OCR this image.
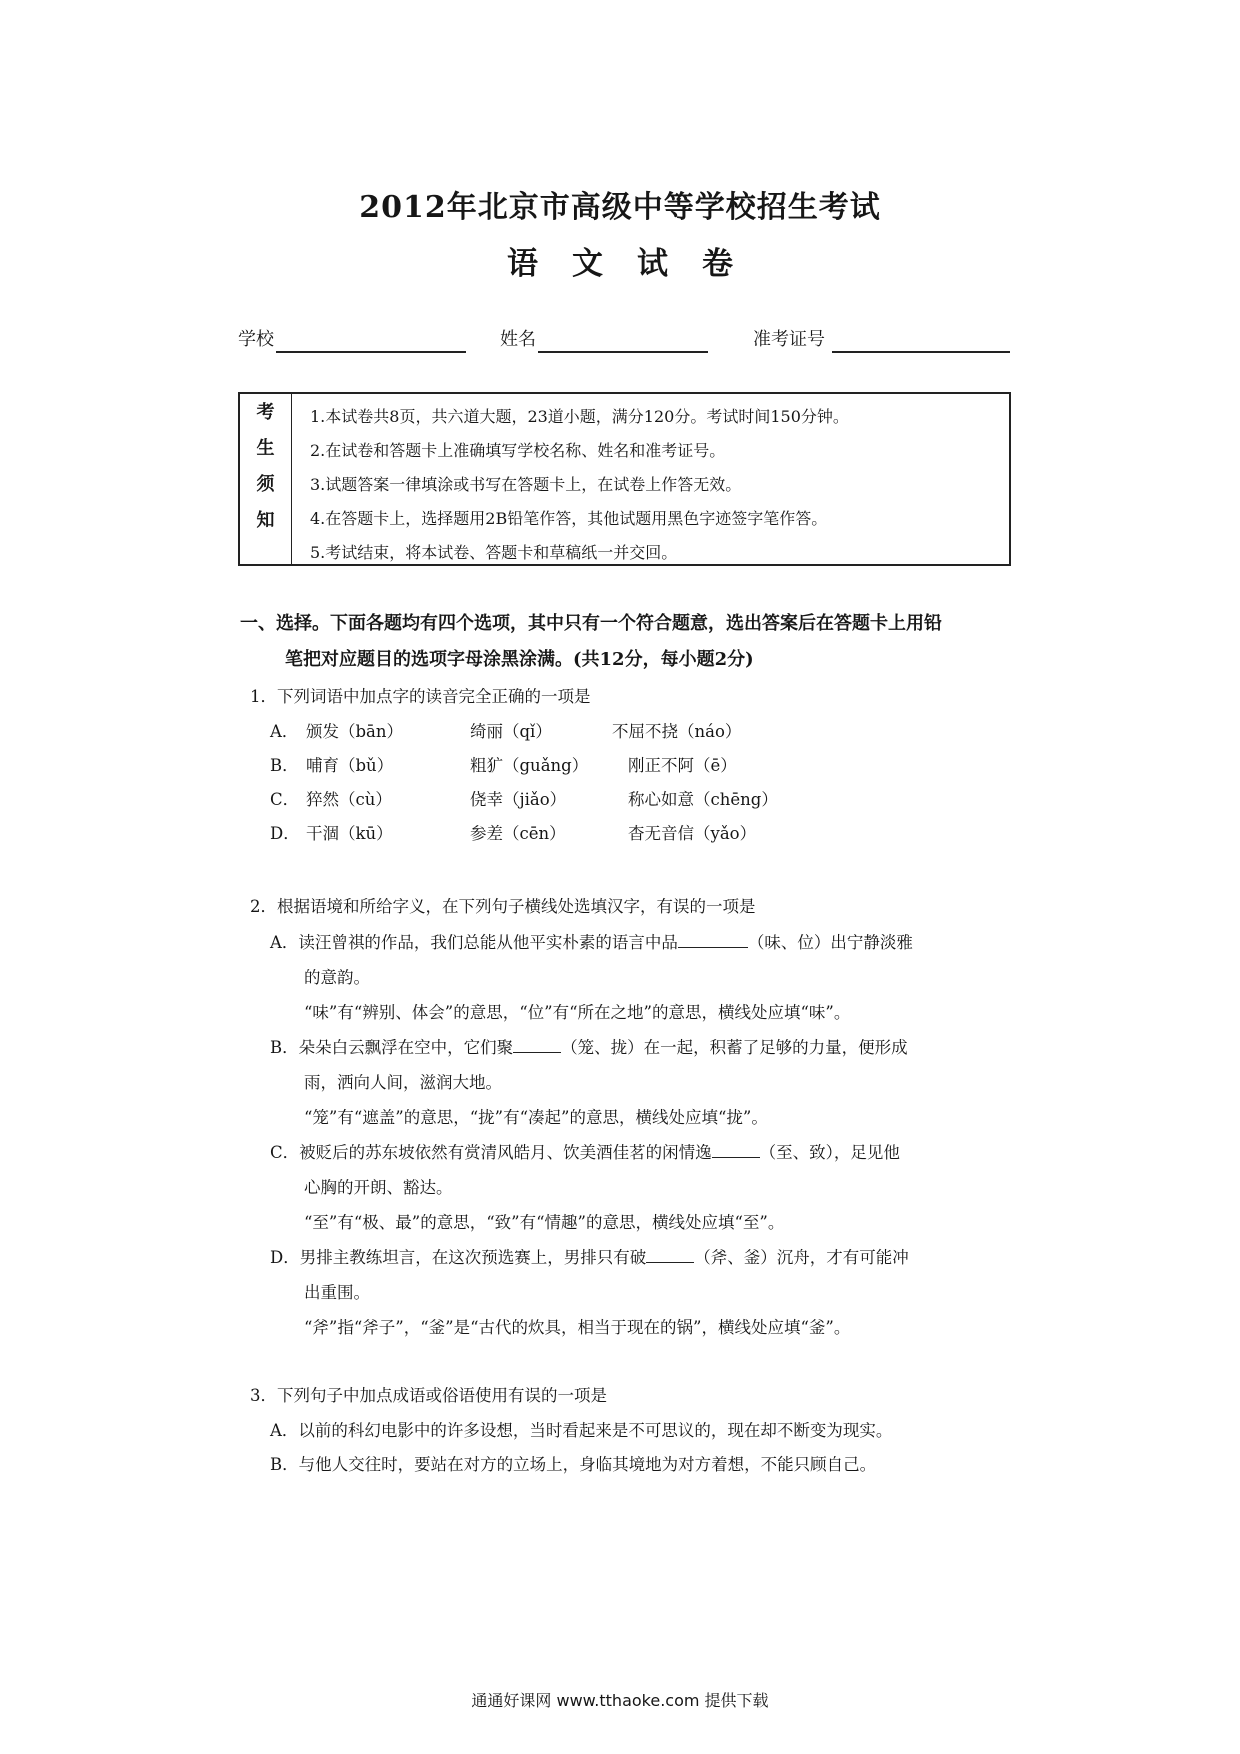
2012年北京市高级中等学校招生考试
语文试卷
学校	姓名	准考证号
考
生
须
知
1.本试卷共8页，共六道大题，23道小题，满分120分。考试时间150分钟。
2.在试卷和答题卡上准确填写学校名称、姓名和准考证号。
3.试题答案一律填涂或书写在答题卡上，在试卷上作答无效。
4.在答题卡上，选择题用2B铅笔作答，其他试题用黑色字迹签字笔作答。
5.考试结束，将本试卷、答题卡和草稿纸一并交回。
一、选择。下面各题均有四个选项，其中只有一个符合题意，选出答案后在答题卡上用铅
笔把对应题目的选项字母涂黑涂满。(共12分，每小题2分)
1．下列词语中加点字的读音完全正确的一项是
A． 颁发（bān）	绮丽（qǐ）	不屈不挠（náo）
B． 哺育（bǔ）	粗犷（guǎng） 刚正不阿（ē）
C． 猝然（cù）	侥幸（jiǎo）	称心如意（chēng）
D． 干涸（kū）	参差（cēn）	杳无音信（yǎo）
2．根据语境和所给字义，在下列句子横线处选填汉字，有误的一项是
A．读汪曾祺的作品，我们总能从他平实朴素的语言中品	（味、位）出宁静淡雅
的意韵。
“味”有“辨别、体会”的意思，“位”有“所在之地”的意思，横线处应填“味”。
B．朵朵白云飘浮在空中，它们聚	（笼、拢）在一起，积蓄了足够的力量，便形成
雨，洒向人间，滋润大地。
“笼”有“遮盖”的意思，“拢”有“凑起”的意思，横线处应填“拢”。
C．被贬后的苏东坡依然有赏清风皓月、饮美酒佳茗的闲情逸	（至、致），足见他
心胸的开朗、豁达。
“至”有“极、最”的意思，“致”有“情趣”的意思，横线处应填“至”。
D．男排主教练坦言，在这次预选赛上，男排只有破	（斧、釜）沉舟，才有可能冲
出重围。
“斧”指“斧子”，“釜”是“古代的炊具，相当于现在的锅”，横线处应填“釜”。
3．下列句子中加点成语或俗语使用有误的一项是
A．以前的科幻电影中的许多设想，当时看起来是不可思议的，现在却不断变为现实。
B．与他人交往时，要站在对方的立场上，身临其境地为对方着想，不能只顾自己。
通通好课网 www.tthaoke.com 提供下载
